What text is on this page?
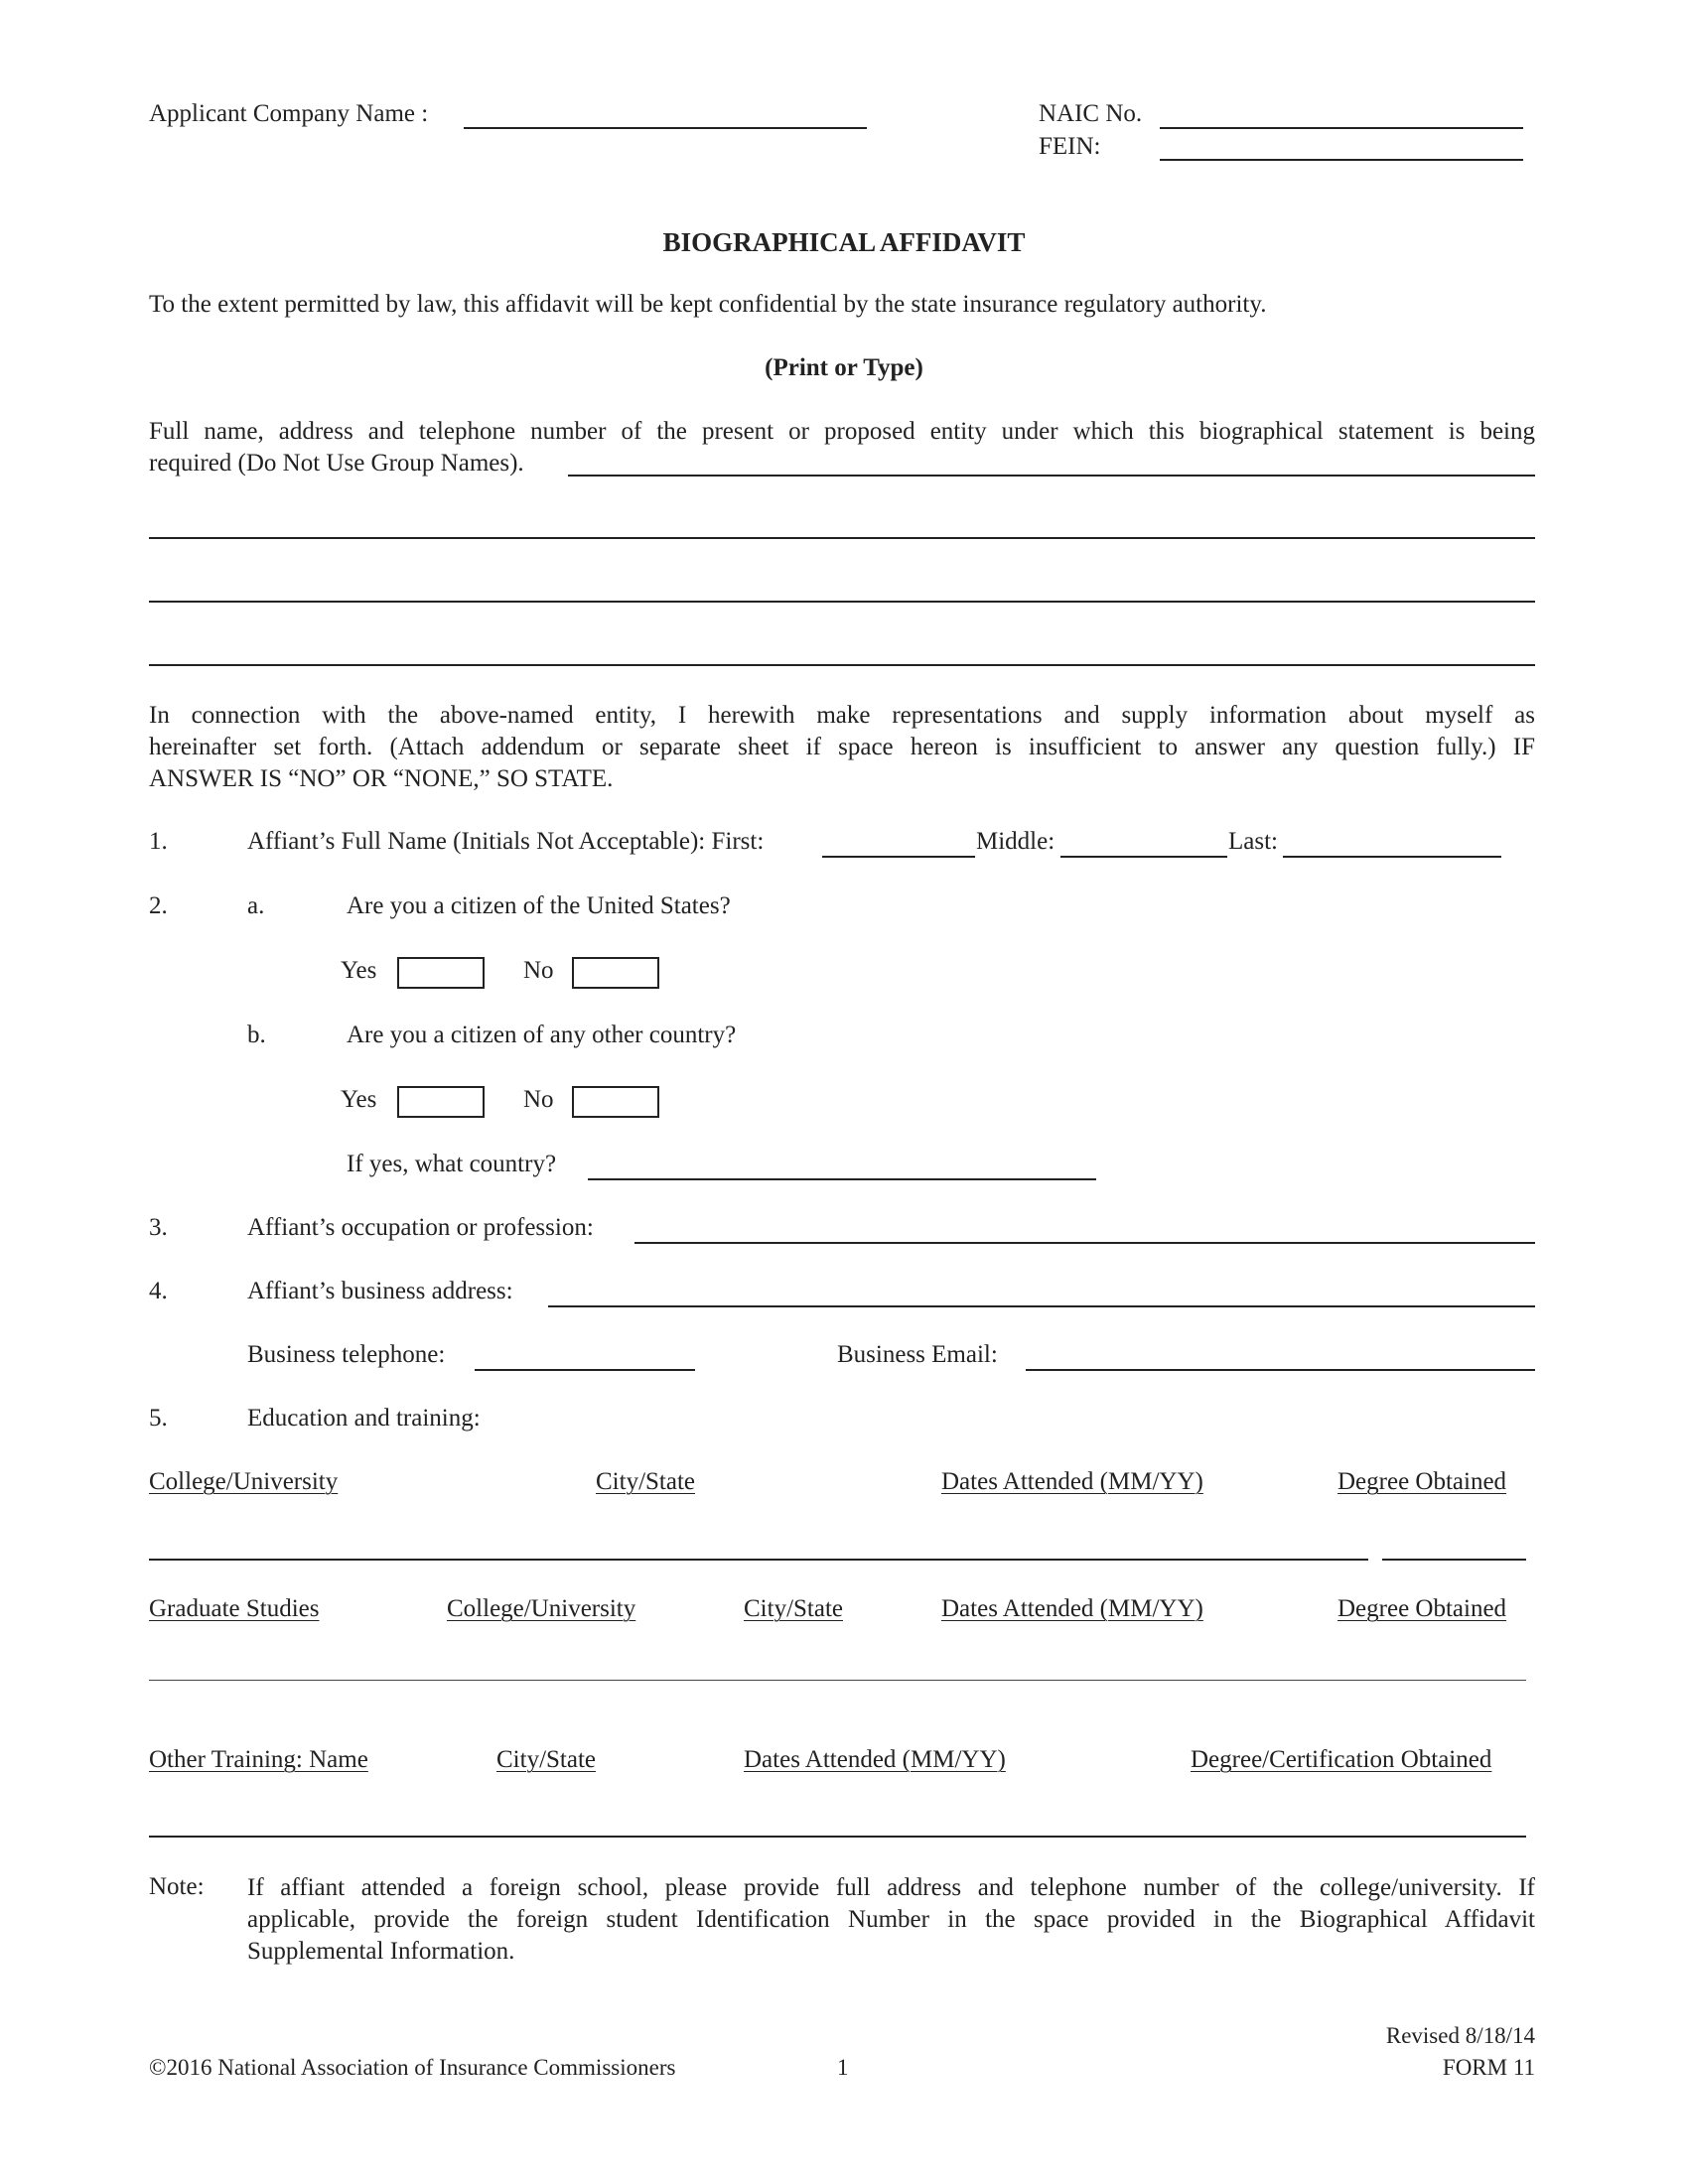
Applicant Company Name :	NAIC No.
FEIN:
BIOGRAPHICAL AFFIDAVIT
To the extent permitted by law, this affidavit will be kept confidential by the state insurance regulatory authority.
(Print or Type)
Full name, address and telephone number of the present or proposed entity under which this biographical statement is being
required (Do Not Use Group Names).
In connection with the above-named entity, I herewith make representations and supply information about myself as
hereinafter set forth. (Attach addendum or separate sheet if space hereon is insufficient to answer any question fully.) IF
ANSWER IS “NO” OR “NONE,” SO STATE.
1.	Affiant’s Full Name (Initials Not Acceptable): First:	Middle:	Last:
2.	a.	Are you a citizen of the United States?
Yes	No
b.	Are you a citizen of any other country?
Yes	No
If yes, what country?
3.	Affiant’s occupation or profession:
4.	Affiant’s business address:
Business telephone:	Business Email:
5.	Education and training:
College/University	City/State	Dates Attended (MM/YY)	Degree Obtained
Graduate Studies	College/University	City/State	Dates Attended (MM/YY)	Degree Obtained
Other Training: Name	City/State	Dates Attended (MM/YY)	Degree/Certification Obtained
Note: If affiant attended a foreign school, please provide full address and telephone number of the college/university. If
applicable, provide the foreign student Identification Number in the space provided in the Biographical Affidavit
Supplemental Information.
Revised 8/18/14
©2016 National Association of Insurance Commissioners	1	FORM 11
